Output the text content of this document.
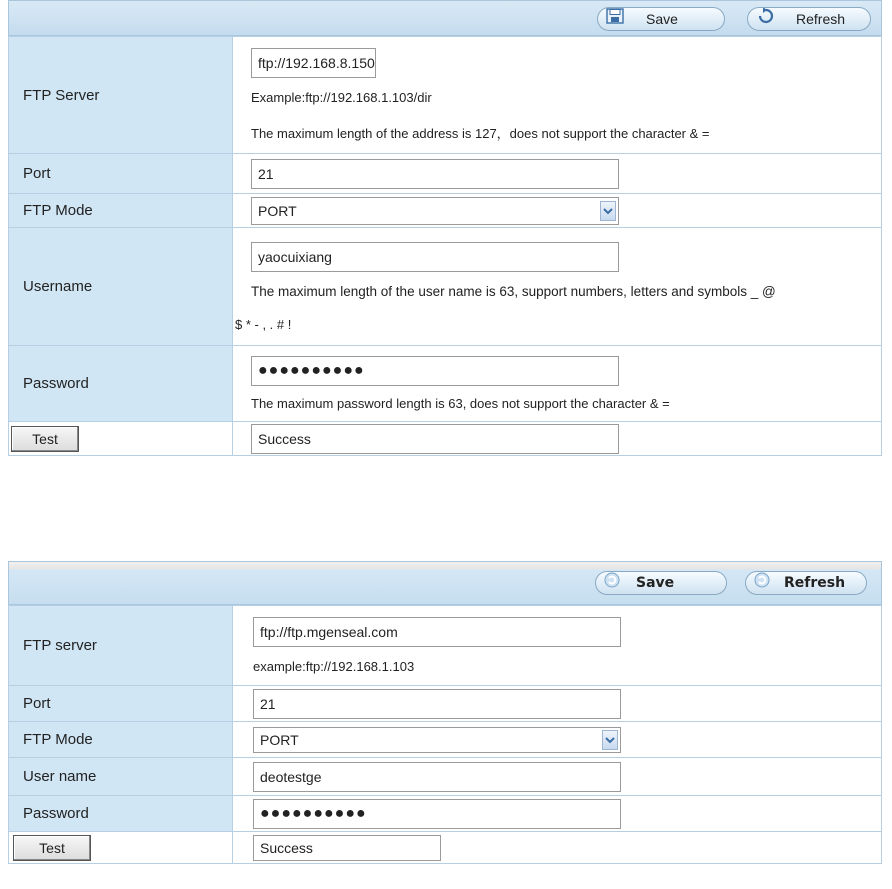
Save	Refresh
FTP Server	ftp://192.168.8.150
Example:ftp://192.168.1.103/dir
The maximum length of the address is 127，does not support the character & =

Port	21
FTP Mode	PORT

Username	yaocuixiang
The maximum length of the user name is 63, support numbers, letters and symbols _ @
$ * - , . # !

Password	●●●●●●●●●●
The maximum password length is 63, does not support the character & =

Test	Success
Save	Refresh
FTP server	ftp://ftp.mgenseal.com
example:ftp://192.168.1.103

Port	21
FTP Mode	PORT

User name	deotestge
Password	●●●●●●●●●●
Test	Success
